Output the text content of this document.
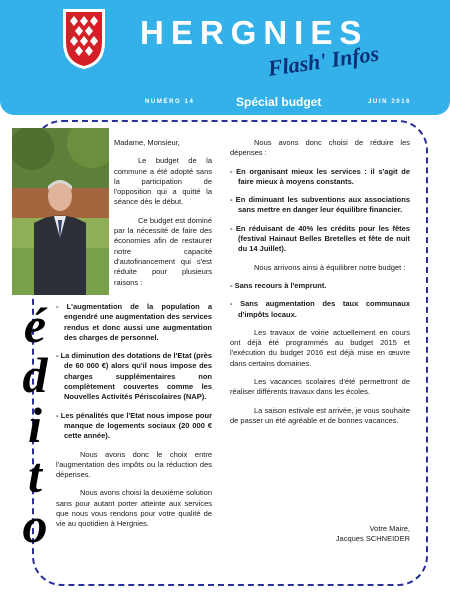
HERGNIES
Flash' Infos
NUMÉRO 14	Spécial budget	JUIN 2016
é
d
i
t
o

Madame, Monsieur,

Le budget de la commune a été adopté sans la participation de l'opposition qui a quitté la séance dès le début.

Ce budget est dominé par la nécessité de faire des économies afin de restaurer notre capacité d'autofinancement qui s'est réduite pour plusieurs raisons :

- L'augmentation de la population a engendré une augmentation des services rendus et donc aussi une augmentation des charges de personnel.
- La diminution des dotations de l'Etat (près de 60 000 €) alors qu'il nous impose des charges supplémentaires non complètement couvertes comme les Nouvelles Activités Périscolaires (NAP).
- Les pénalités que l'Etat nous impose pour manque de logements sociaux (20 000 € cette année).

Nous avons donc le choix entre l'augmentation des impôts ou la réduction des dépenses.

Nous avons choisi la deuxième solution sans pour autant porter atteinte aux services que nous vous rendons pour votre qualité de vie au quotidien à Hergnies.

Nous avons donc choisi de réduire les dépenses :

- En organisant mieux les services : il s'agit de faire mieux à moyens constants.
- En diminuant les subventions aux associations sans mettre en danger leur équilibre financier.
- En réduisant de 40% les crédits pour les fêtes (festival Hainaut Belles Bretelles et fête de nuit du 14 Juillet).

Nous arrivons ainsi à équilibrer notre budget :

- Sans recours à l'emprunt.
- Sans augmentation des taux communaux d'impôts locaux.

Les travaux de voirie actuellement en cours ont déjà été programmés au budget 2015 et l'exécution du budget 2016 est déjà mise en œuvre dans certains domaines.

Les vacances scolaires d'été permettront de réaliser différents travaux dans les écoles.

La saison estivale est arrivée, je vous souhaite de passer un été agréable et de bonnes vacances.

Votre Maire,

Jacques SCHNEIDER
